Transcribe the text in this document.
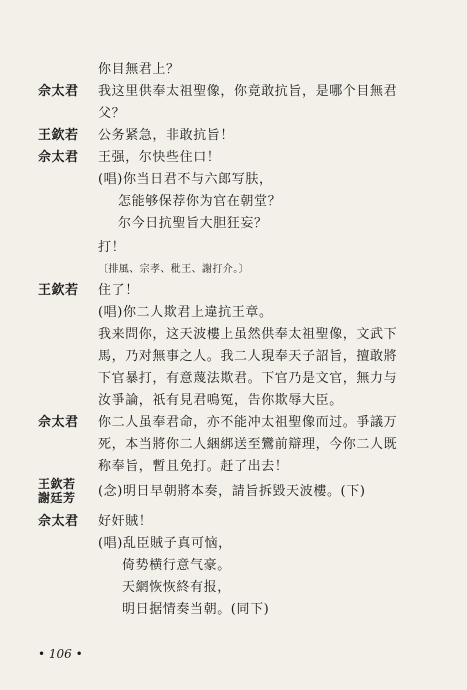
你目無君上？
佘太君 我这里供奉太祖聖像，你竟敢抗旨，是哪个目無君
父？
王欽若 公务紧急，非敢抗旨！
佘太君 王强，尔快些住口！
(唱)你当日君不与六郎写肤，
怎能够保荐你为官在朝堂？
尔今日抗聖旨大胆狂妄？
打！
〔排風、宗孝、秕王、謝打介。〕
王欽若 住了！
(唱)你二人欺君上違抗王章。
我来問你，这天波樓上虽然供奉太祖聖像，文武下
馬，乃对無事之人。我二人現奉天子詔旨，擅敢將
下官暴打，有意蔑法欺君。下官乃是文官，無力与
汝爭論，祇有見君鳴冤，告你欺辱大臣。
佘太君 你二人虽奉君命，亦不能冲太祖聖像而过。爭議万
死，本当將你二人綑綁送至鸞前辯理，今你二人既
称奉旨，暫且免打。赶了出去！
王欽若
謝廷芳 (念)明日早朝將本奏，請旨拆毀天波樓。(下)
佘太君 好奸賊！
(唱)乱臣賊子真可恼，
倚势横行意气豪。
天網恢恢終有报，
明日据情奏当朝。(同下)
• 106 •
